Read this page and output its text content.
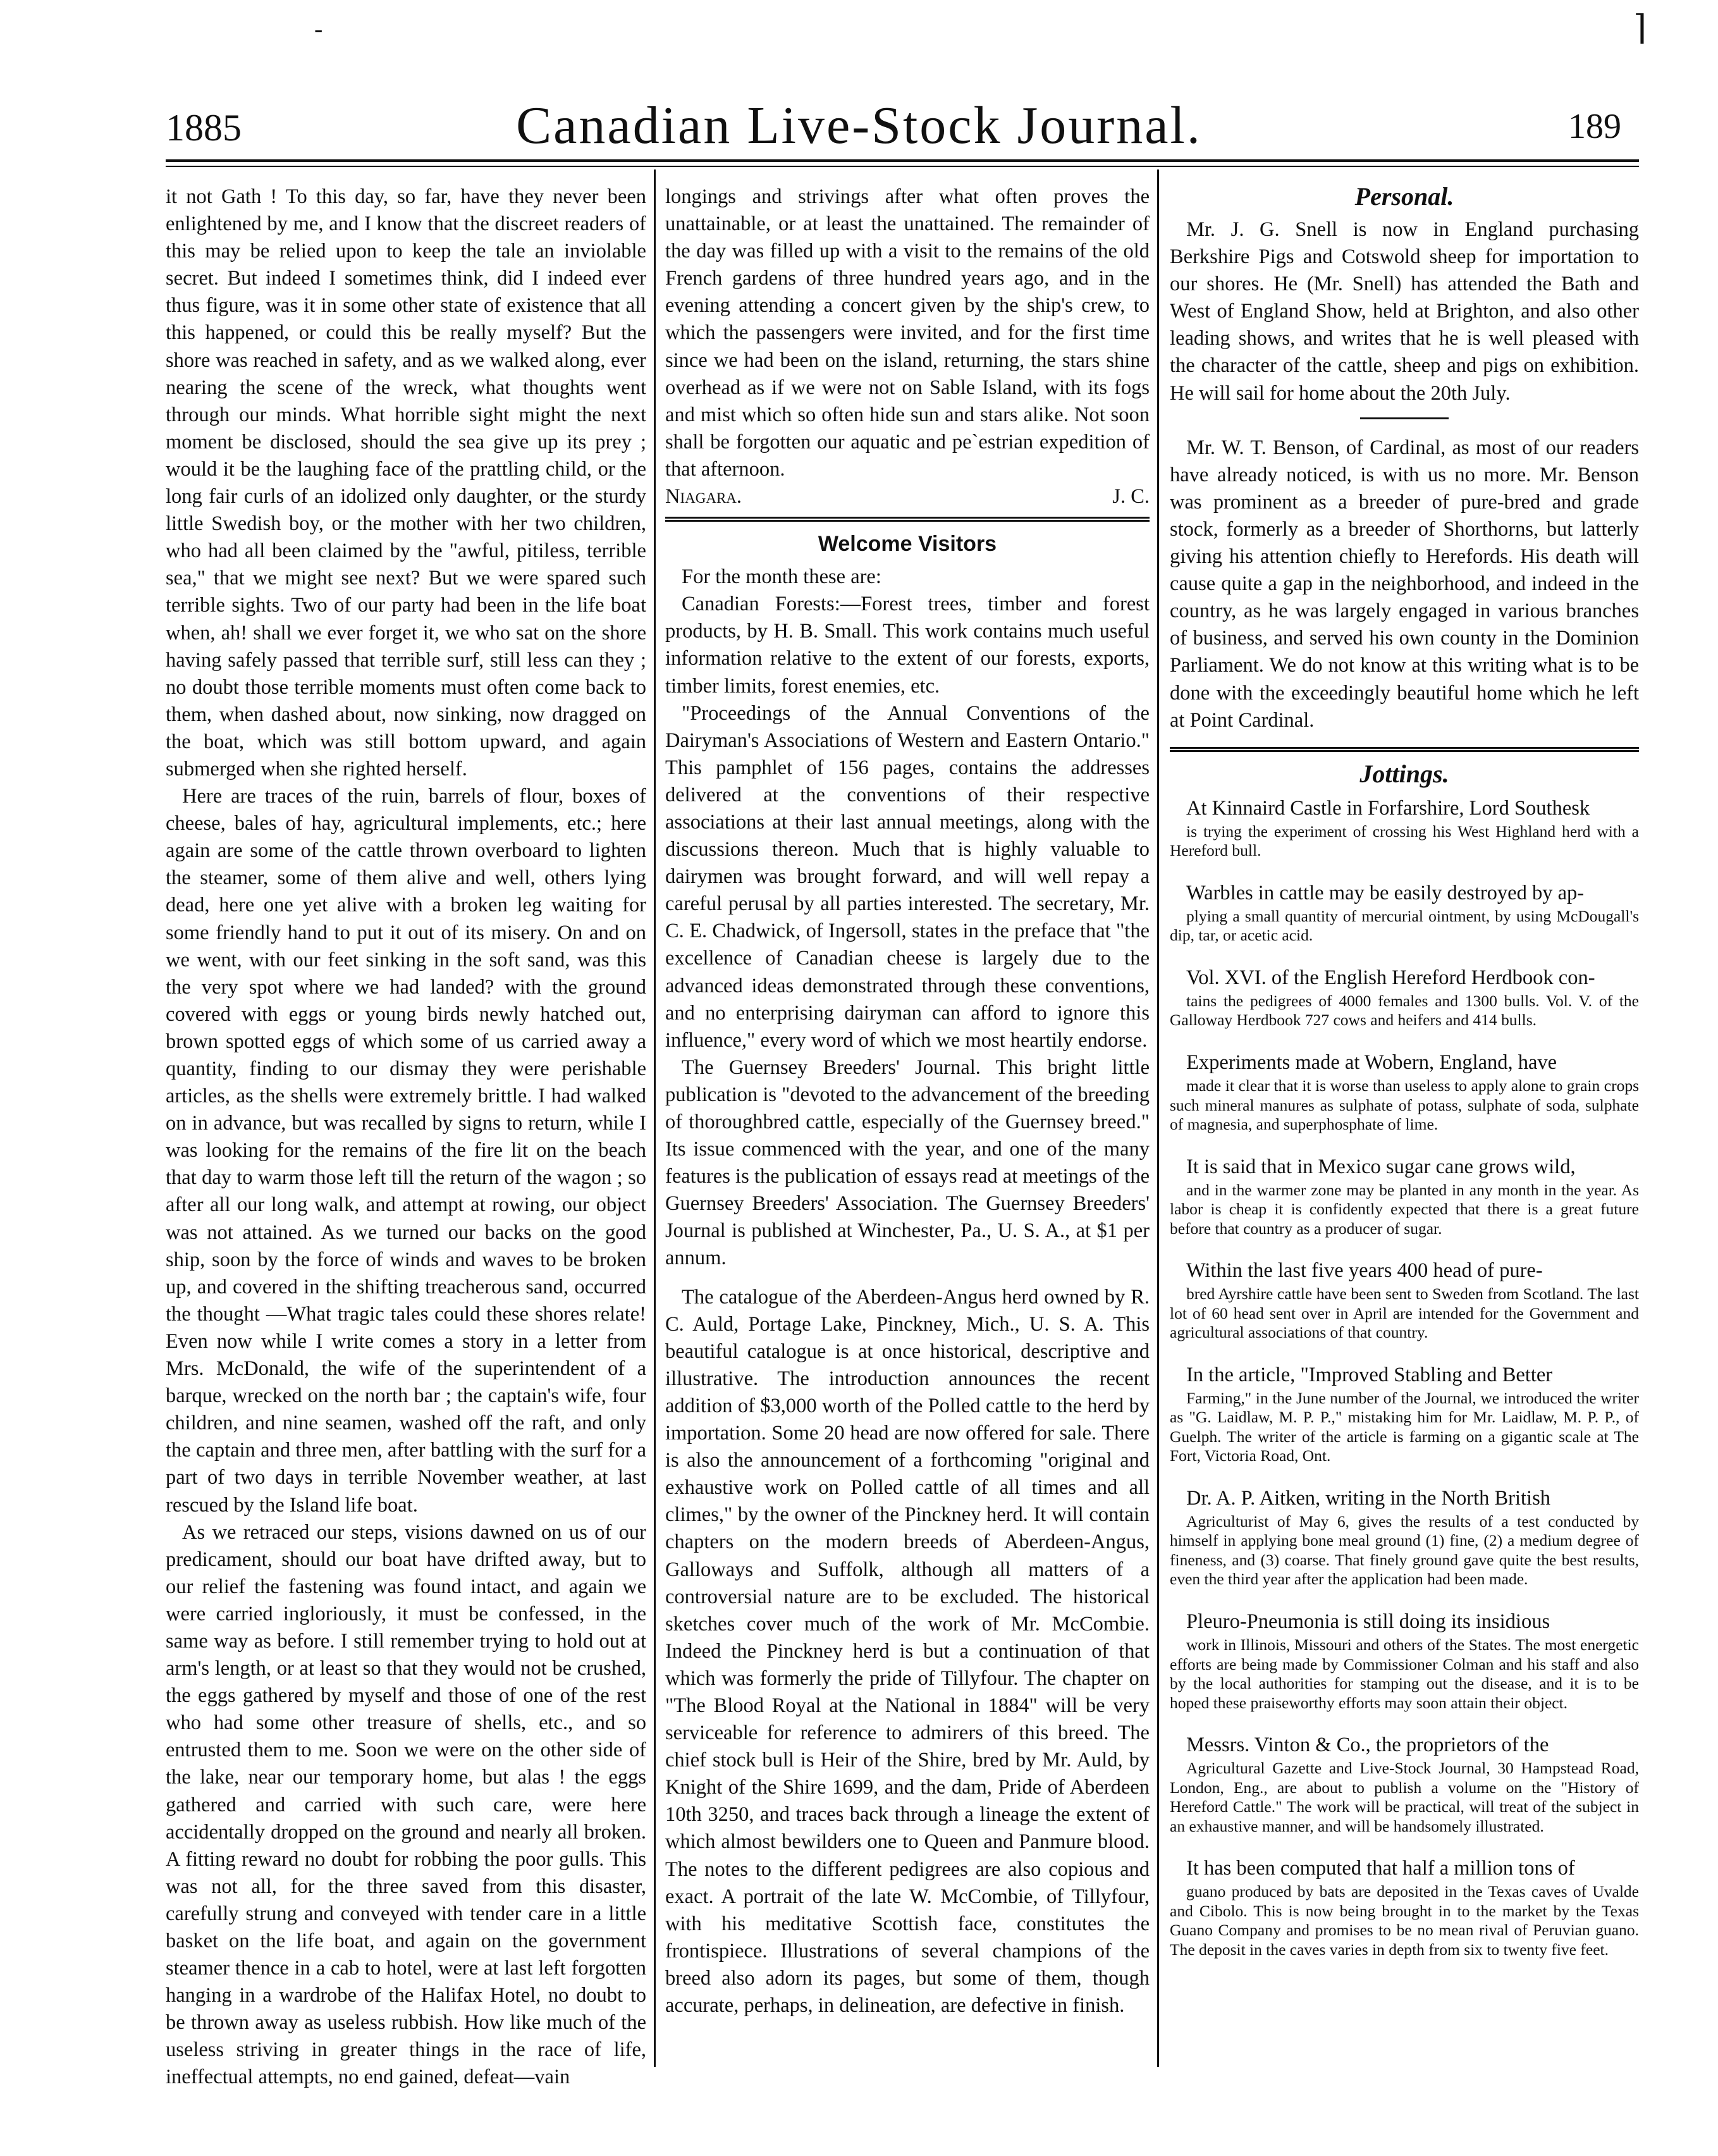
-	⌉
1885	Canadian Live-Stock Journal.	189

it not Gath ! To this day, so far, have they never been enlightened by me, and I know that the discreet readers of this may be relied upon to keep the tale an inviolable secret. But indeed I sometimes think, did I indeed ever thus figure, was it in some other state of existence that all this happened, or could this be really myself? But the shore was reached in safety, and as we walked along, ever nearing the scene of the wreck, what thoughts went through our minds. What horrible sight might the next moment be disclosed, should the sea give up its prey ; would it be the laughing face of the prattling child, or the long fair curls of an idolized only daughter, or the sturdy little Swedish boy, or the mother with her two children, who had all been claimed by the "awful, pitiless, terrible sea," that we might see next? But we were spared such terrible sights. Two of our party had been in the life boat when, ah! shall we ever forget it, we who sat on the shore having safely passed that terrible surf, still less can they ; no doubt those terrible moments must often come back to them, when dashed about, now sinking, now dragged on the boat, which was still bottom upward, and again submerged when she righted herself.

Here are traces of the ruin, barrels of flour, boxes of cheese, bales of hay, agricultural implements, etc.; here again are some of the cattle thrown overboard to lighten the steamer, some of them alive and well, others lying dead, here one yet alive with a broken leg waiting for some friendly hand to put it out of its misery. On and on we went, with our feet sinking in the soft sand, was this the very spot where we had landed? with the ground covered with eggs or young birds newly hatched out, brown spotted eggs of which some of us carried away a quantity, finding to our dismay they were perishable articles, as the shells were extremely brittle. I had walked on in advance, but was recalled by signs to return, while I was looking for the remains of the fire lit on the beach that day to warm those left till the return of the wagon ; so after all our long walk, and attempt at rowing, our object was not attained. As we turned our backs on the good ship, soon by the force of winds and waves to be broken up, and covered in the shifting treacherous sand, occurred the thought —What tragic tales could these shores relate! Even now while I write comes a story in a letter from Mrs. McDonald, the wife of the superintendent of a barque, wrecked on the north bar ; the captain's wife, four children, and nine seamen, washed off the raft, and only the captain and three men, after battling with the surf for a part of two days in terrible November weather, at last rescued by the Island life boat.

As we retraced our steps, visions dawned on us of our predicament, should our boat have drifted away, but to our relief the fastening was found intact, and again we were carried ingloriously, it must be confessed, in the same way as before. I still remember trying to hold out at arm's length, or at least so that they would not be crushed, the eggs gathered by myself and those of one of the rest who had some other treasure of shells, etc., and so entrusted them to me. Soon we were on the other side of the lake, near our temporary home, but alas ! the eggs gathered and carried with such care, were here accidentally dropped on the ground and nearly all broken. A fitting reward no doubt for robbing the poor gulls. This was not all, for the three saved from this disaster, carefully strung and conveyed with tender care in a little basket on the life boat, and again on the government steamer thence in a cab to hotel, were at last left forgotten hanging in a wardrobe of the Halifax Hotel, no doubt to be thrown away as useless rubbish. How like much of the useless striving in greater things in the race of life, ineffectual attempts, no end gained, defeat—vain

longings and strivings after what often proves the unattainable, or at least the unattained. The remainder of the day was filled up with a visit to the remains of the old French gardens of three hundred years ago, and in the evening attending a concert given by the ship's crew, to which the passengers were invited, and for the first time since we had been on the island, returning, the stars shine overhead as if we were not on Sable Island, with its fogs and mist which so often hide sun and stars alike. Not soon shall be forgotten our aquatic and pe`estrian expedition of that afternoon.

Niagara.	J. C.
Welcome Visitors

For the month these are:

Canadian Forests:—Forest trees, timber and forest products, by H. B. Small. This work contains much useful information relative to the extent of our forests, exports, timber limits, forest enemies, etc.

"Proceedings of the Annual Conventions of the Dairyman's Associations of Western and Eastern Ontario." This pamphlet of 156 pages, contains the addresses delivered at the conventions of their respective associations at their last annual meetings, along with the discussions thereon. Much that is highly valuable to dairymen was brought forward, and will well repay a careful perusal by all parties interested. The secretary, Mr. C. E. Chadwick, of Ingersoll, states in the preface that "the excellence of Canadian cheese is largely due to the advanced ideas demonstrated through these conventions, and no enterprising dairyman can afford to ignore this influence," every word of which we most heartily endorse.

The Guernsey Breeders' Journal. This bright little publication is "devoted to the advancement of the breeding of thoroughbred cattle, especially of the Guernsey breed." Its issue commenced with the year, and one of the many features is the publication of essays read at meetings of the Guernsey Breeders' Association. The Guernsey Breeders' Journal is published at Winchester, Pa., U. S. A., at $1 per annum.

The catalogue of the Aberdeen-Angus herd owned by R. C. Auld, Portage Lake, Pinckney, Mich., U. S. A. This beautiful catalogue is at once historical, descriptive and illustrative. The introduction announces the recent addition of $3,000 worth of the Polled cattle to the herd by importation. Some 20 head are now offered for sale. There is also the announcement of a forthcoming "original and exhaustive work on Polled cattle of all times and all climes," by the owner of the Pinckney herd. It will contain chapters on the modern breeds of Aberdeen-Angus, Galloways and Suffolk, although all matters of a controversial nature are to be excluded. The historical sketches cover much of the work of Mr. McCombie. Indeed the Pinckney herd is but a continuation of that which was formerly the pride of Tillyfour. The chapter on "The Blood Royal at the National in 1884" will be very serviceable for reference to admirers of this breed. The chief stock bull is Heir of the Shire, bred by Mr. Auld, by Knight of the Shire 1699, and the dam, Pride of Aberdeen 10th 3250, and traces back through a lineage the extent of which almost bewilders one to Queen and Panmure blood. The notes to the different pedigrees are also copious and exact. A portrait of the late W. McCombie, of Tillyfour, with his meditative Scottish face, constitutes the frontispiece. Illustrations of several champions of the breed also adorn its pages, but some of them, though accurate, perhaps, in delineation, are defective in finish.

Personal.

Mr. J. G. Snell is now in England purchasing Berkshire Pigs and Cotswold sheep for importation to our shores. He (Mr. Snell) has attended the Bath and West of England Show, held at Brighton, and also other leading shows, and writes that he is well pleased with the character of the cattle, sheep and pigs on exhibition. He will sail for home about the 20th July.

Mr. W. T. Benson, of Cardinal, as most of our readers have already noticed, is with us no more. Mr. Benson was prominent as a breeder of pure-bred and grade stock, formerly as a breeder of Shorthorns, but latterly giving his attention chiefly to Herefords. His death will cause quite a gap in the neighborhood, and indeed in the country, as he was largely engaged in various branches of business, and served his own county in the Dominion Parliament. We do not know at this writing what is to be done with the exceedingly beautiful home which he left at Point Cardinal.

Jottings.

At Kinnaird Castle in Forfarshire, Lord Southesk

is trying the experiment of crossing his West Highland herd with a Hereford bull.

Warbles in cattle may be easily destroyed by ap-

plying a small quantity of mercurial ointment, by using McDougall's dip, tar, or acetic acid.

Vol. XVI. of the English Hereford Herdbook con-

tains the pedigrees of 4000 females and 1300 bulls. Vol. V. of the Galloway Herdbook 727 cows and heifers and 414 bulls.

Experiments made at Wobern, England, have

made it clear that it is worse than useless to apply alone to grain crops such mineral manures as sulphate of potass, sulphate of soda, sulphate of magnesia, and superphosphate of lime.

It is said that in Mexico sugar cane grows wild,

and in the warmer zone may be planted in any month in the year. As labor is cheap it is confidently expected that there is a great future before that country as a producer of sugar.

Within the last five years 400 head of pure-

bred Ayrshire cattle have been sent to Sweden from Scotland. The last lot of 60 head sent over in April are intended for the Government and agricultural associations of that country.

In the article, "Improved Stabling and Better

Farming," in the June number of the Journal, we introduced the writer as "G. Laidlaw, M. P. P.," mistaking him for Mr. Laidlaw, M. P. P., of Guelph. The writer of the article is farming on a gigantic scale at The Fort, Victoria Road, Ont.

Dr. A. P. Aitken, writing in the North British

Agriculturist of May 6, gives the results of a test conducted by himself in applying bone meal ground (1) fine, (2) a medium degree of fineness, and (3) coarse. That finely ground gave quite the best results, even the third year after the application had been made.

Pleuro-Pneumonia is still doing its insidious

work in Illinois, Missouri and others of the States. The most energetic efforts are being made by Commissioner Colman and his staff and also by the local authorities for stamping out the disease, and it is to be hoped these praiseworthy efforts may soon attain their object.

Messrs. Vinton & Co., the proprietors of the

Agricultural Gazette and Live-Stock Journal, 30 Hampstead Road, London, Eng., are about to publish a volume on the "History of Hereford Cattle." The work will be practical, will treat of the subject in an exhaustive manner, and will be handsomely illustrated.

It has been computed that half a million tons of

guano produced by bats are deposited in the Texas caves of Uvalde and Cibolo. This is now being brought in to the market by the Texas Guano Company and promises to be no mean rival of Peruvian guano. The deposit in the caves varies in depth from six to twenty five feet.
